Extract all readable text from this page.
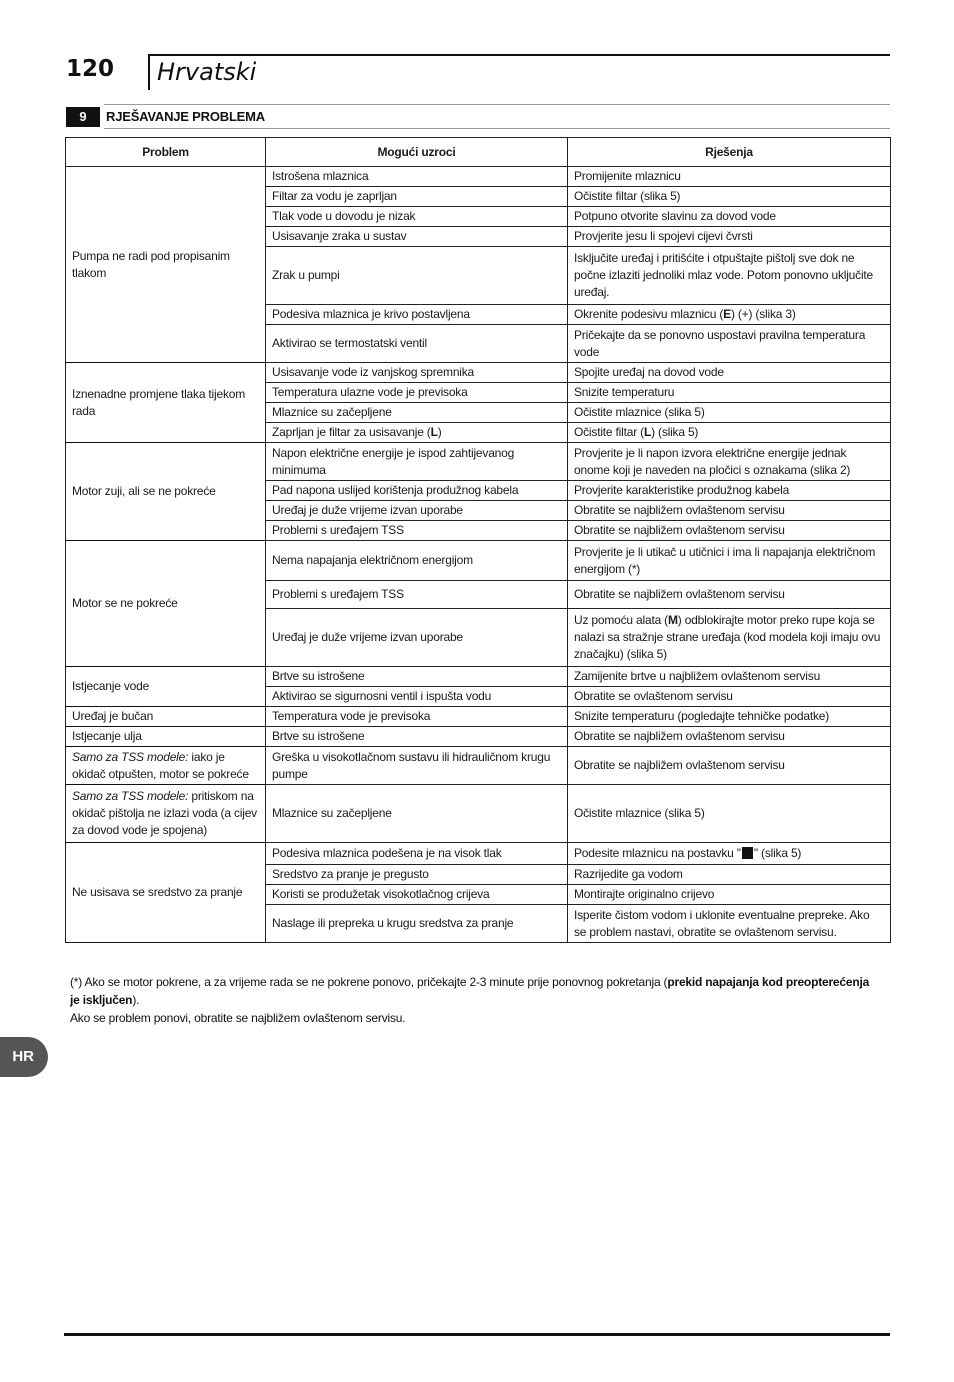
120 Hrvatski
9	RJEŠAVANJE PROBLEMA
Problem	Mogući uzroci	Rješenja
Pumpa ne radi pod propisanim tlakom	Istrošena mlaznica	Promijenite mlaznicu
	Filtar za vodu je zaprljan	Očistite filtar (slika 5)
	Tlak vode u dovodu je nizak	Potpuno otvorite slavinu za dovod vode
	Usisavanje zraka u sustav	Provjerite jesu li spojevi cijevi čvrsti
	Zrak u pumpi	Isključite uređaj i pritišćite i otpuštajte pištolj sve dok ne počne izlaziti jednoliki mlaz vode. Potom ponovno uključite uređaj.
	Podesiva mlaznica je krivo postavljena	Okrenite podesivu mlaznicu (E) (+) (slika 3)
	Aktivirao se termostatski ventil	Pričekajte da se ponovno uspostavi pravilna temperatura vode
Iznenadne promjene tlaka tijekom rada	Usisavanje vode iz vanjskog spremnika	Spojite uređaj na dovod vode
	Temperatura ulazne vode je previsoka	Snizite temperaturu
	Mlaznice su začepljene	Očistite mlaznice (slika 5)
	Zaprljan je filtar za usisavanje (L)	Očistite filtar (L) (slika 5)
Motor zuji, ali se ne pokreće	Napon električne energije je ispod zahtijevanog minimuma	Provjerite je li napon izvora električne energije jednak onome koji je naveden na pločici s oznakama (slika 2)
	Pad napona uslijed korištenja produžnog kabela	Provjerite karakteristike produžnog kabela
	Uređaj je duže vrijeme izvan uporabe	Obratite se najbližem ovlaštenom servisu
	Problemi s uređajem TSS	Obratite se najbližem ovlaštenom servisu
Motor se ne pokreće	Nema napajanja električnom energijom	Provjerite je li utikač u utičnici i ima li napajanja električnom energijom (*)
	Problemi s uređajem TSS	Obratite se najbližem ovlaštenom servisu
	Uređaj je duže vrijeme izvan uporabe	Uz pomoću alata (M) odblokirajte motor preko rupe koja se nalazi sa stražnje strane uređaja (kod modela koji imaju ovu značajku) (slika 5)
Istjecanje vode	Brtve su istrošene	Zamijenite brtve u najbližem ovlaštenom servisu
	Aktivirao se sigurnosni ventil i ispušta vodu	Obratite se ovlaštenom servisu
Uređaj je bučan	Temperatura vode je previsoka	Snizite temperaturu (pogledajte tehničke podatke)
Istjecanje ulja	Brtve su istrošene	Obratite se najbližem ovlaštenom servisu
Samo za TSS modele: iako je okidač otpušten, motor se pokreće	Greška u visokotlačnom sustavu ili hidrauličnom krugu pumpe	Obratite se najbližem ovlaštenom servisu
Samo za TSS modele: pritiskom na okidač pištolja ne izlazi voda (a cijev za dovod vode je spojena)	Mlaznice su začepljene	Očistite mlaznice (slika 5)
Ne usisava se sredstvo za pranje	Podesiva mlaznica podešena je na visok tlak	Podesite mlaznicu na postavku " " (slika 5)
	Sredstvo za pranje je pregusto	Razrijedite ga vodom
	Koristi se produžetak visokotlačnog crijeva	Montirajte originalno crijevo
	Naslage ili prepreka u krugu sredstva za pranje	Isperite čistom vodom i uklonite eventualne prepreke. Ako se problem nastavi, obratite se ovlaštenom servisu.
(*) Ako se motor pokrene, a za vrijeme rada se ne pokrene ponovo, pričekajte 2-3 minute prije ponovnog pokretanja (prekid napajanja kod preopterećenja je isključen).
Ako se problem ponovi, obratite se najbližem ovlaštenom servisu.
HR
